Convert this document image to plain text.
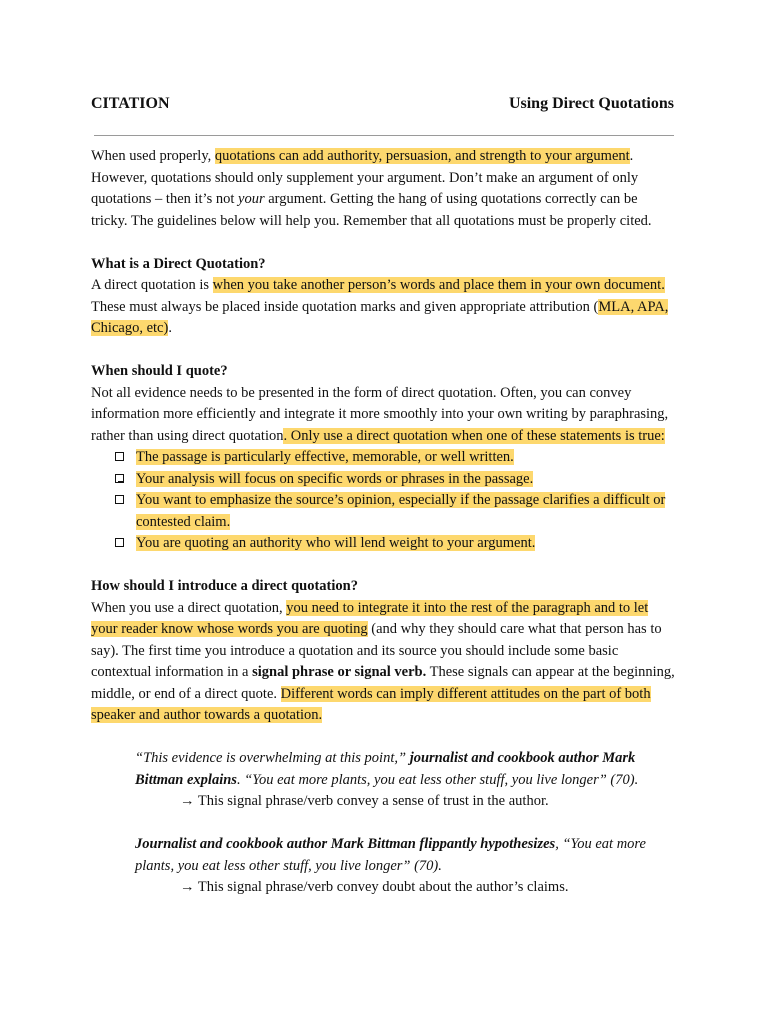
CITATION	Using Direct Quotations

When used properly, quotations can add authority, persuasion, and strength to your argument. However, quotations should only supplement your argument. Don’t make an argument of only quotations – then it’s not your argument. Getting the hang of using quotations correctly can be tricky. The guidelines below will help you. Remember that all quotations must be properly cited.

What is a Direct Quotation?

A direct quotation is when you take another person’s words and place them in your own document. These must always be placed inside quotation marks and given appropriate attribution (MLA, APA, Chicago, etc).

When should I quote?

Not all evidence needs to be presented in the form of direct quotation. Often, you can convey information more efficiently and integrate it more smoothly into your own writing by paraphrasing, rather than using direct quotation. Only use a direct quotation when one of these statements is true:

The passage is particularly effective, memorable, or well written.
Your analysis will focus on specific words or phrases in the passage.
You want to emphasize the source’s opinion, especially if the passage clarifies a difficult or contested claim.
You are quoting an authority who will lend weight to your argument.
How should I introduce a direct quotation?

When you use a direct quotation, you need to integrate it into the rest of the paragraph and to let your reader know whose words you are quoting (and why they should care what that person has to say). The first time you introduce a quotation and its source you should include some basic contextual information in a signal phrase or signal verb. These signals can appear at the beginning, middle, or end of a direct quote. Different words can imply different attitudes on the part of both speaker and author towards a quotation.

“This evidence is overwhelming at this point,” journalist and cookbook author Mark Bittman explains. “You eat more plants, you eat less other stuff, you live longer” (70).

→ This signal phrase/verb convey a sense of trust in the author.

Journalist and cookbook author Mark Bittman flippantly hypothesizes, “You eat more plants, you eat less other stuff, you live longer” (70).

→ This signal phrase/verb convey doubt about the author’s claims.
